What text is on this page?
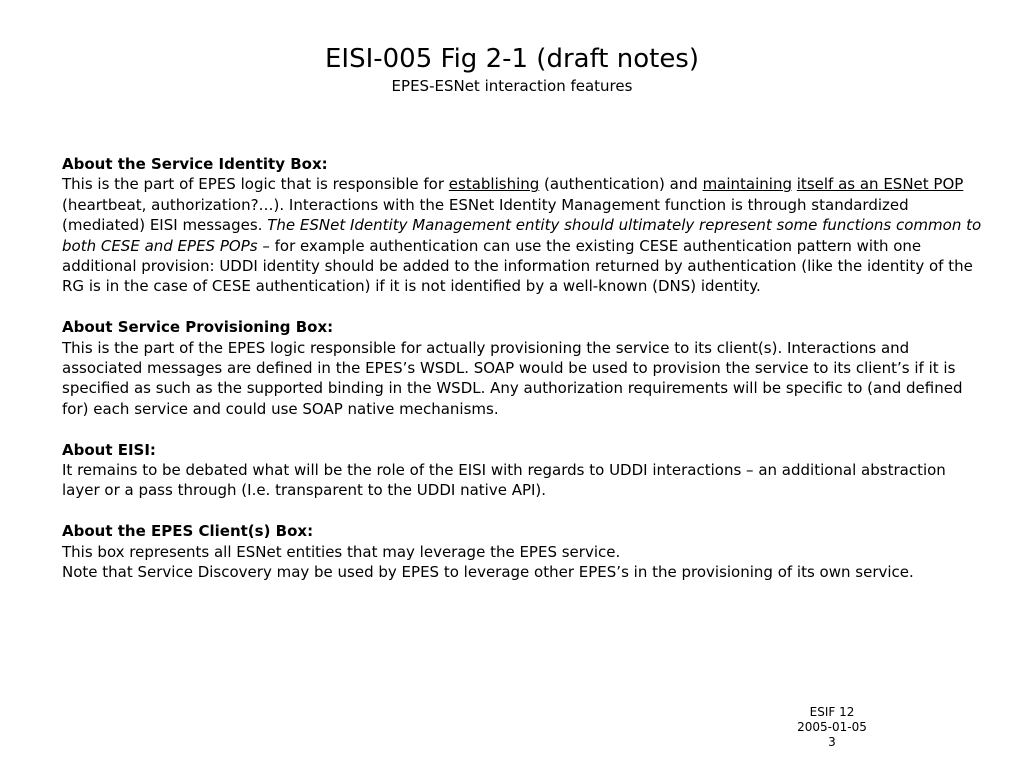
EISI-005 Fig 2-1 (draft notes)

EPES-ESNet interaction features

About the Service Identity Box:

This is the part of EPES logic that is responsible for establishing (authentication) and maintaining itself as an ESNet POP (heartbeat, authorization?…). Interactions with the ESNet Identity Management function is through standardized (mediated) EISI messages. The ESNet Identity Management entity should ultimately represent some functions common to both CESE and EPES POPs – for example authentication can use the existing CESE authentication pattern with one additional provision: UDDI identity should be added to the information returned by authentication (like the identity of the RG is in the case of CESE authentication) if it is not identified by a well-known (DNS) identity.

About Service Provisioning Box:

This is the part of the EPES logic responsible for actually provisioning the service to its client(s). Interactions and associated messages are defined in the EPES’s WSDL. SOAP would be used to provision the service to its client’s if it is specified as such as the supported binding in the WSDL. Any authorization requirements will be specific to (and defined for) each service and could use SOAP native mechanisms.

About EISI:

It remains to be debated what will be the role of the EISI with regards to UDDI interactions – an additional abstraction layer or a pass through (I.e. transparent to the UDDI native API).

About the EPES Client(s) Box:

This box represents all ESNet entities that may leverage the EPES service.

Note that Service Discovery may be used by EPES to leverage other EPES’s in the provisioning of its own service.

ESIF 12
2005-01-05
3
